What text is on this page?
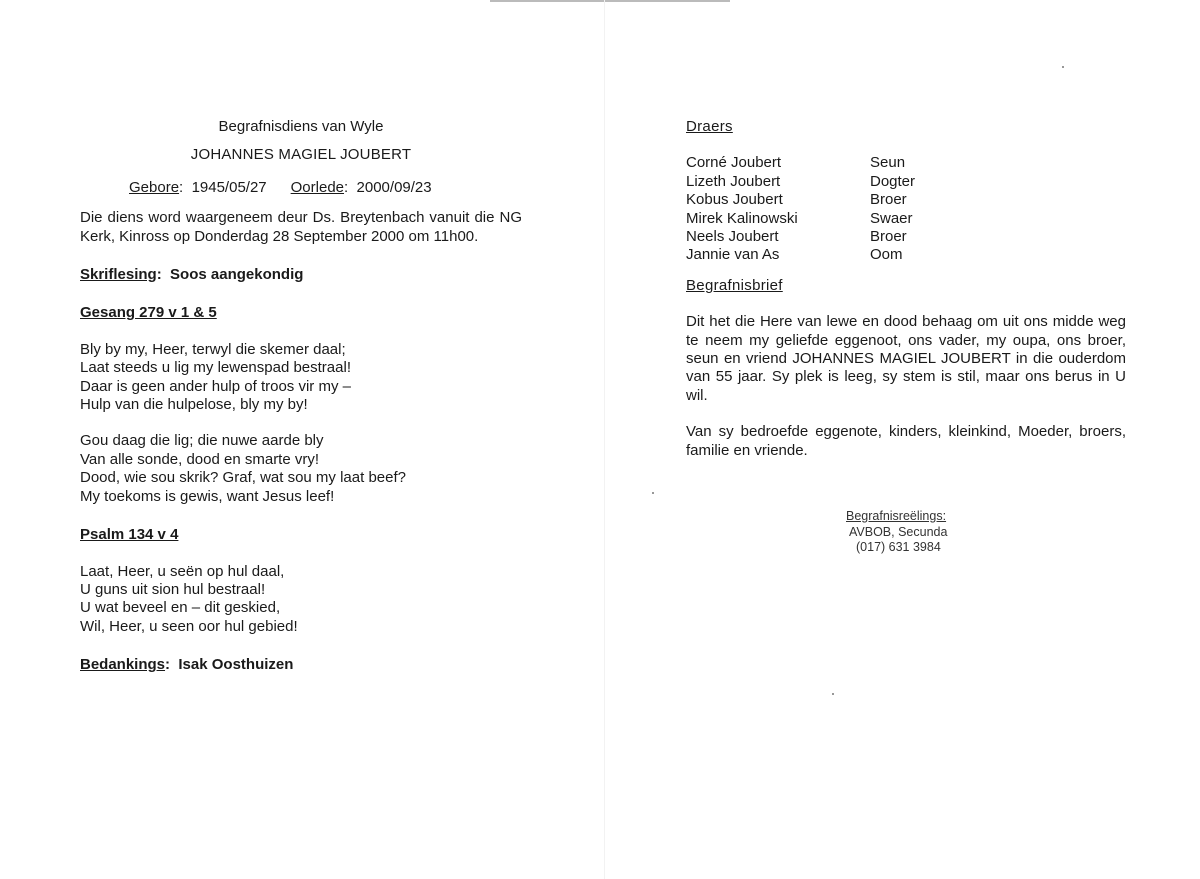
Begrafnisdiens van Wyle
JOHANNES MAGIEL JOUBERT
Gebore:  1945/05/27 Oorlede:  2000/09/23
Die diens word waargeneem deur Ds. Breytenbach vanuit die NG Kerk, Kinross op Donderdag 28 September 2000 om 11h00.
Skriflesing:  Soos aangekondig
Gesang 279 v 1 & 5
Bly by my, Heer, terwyl die skemer daal;
Laat steeds u lig my lewenspad bestraal!
Daar is geen ander hulp of troos vir my –
Hulp van die hulpelose, bly my by!
Gou daag die lig; die nuwe aarde bly
Van alle sonde, dood en smarte vry!
Dood, wie sou skrik? Graf, wat sou my laat beef?
My toekoms is gewis, want Jesus leef!
Psalm 134 v 4
Laat, Heer, u seën op hul daal,
U guns uit sion hul bestraal!
U wat beveel en – dit geskied,
Wil, Heer, u seen oor hul gebied!
Bedankings:  Isak Oosthuizen
Draers
Corné Joubert	Seun
Lizeth Joubert	Dogter
Kobus Joubert	Broer
Mirek Kalinowski	Swaer
Neels Joubert	Broer
Jannie van As	Oom
Begrafnisbrief
Dit het die Here van lewe en dood behaag om uit ons midde weg te neem my geliefde eggenoot, ons vader, my oupa, ons broer, seun en vriend JOHANNES MAGIEL JOUBERT in die ouderdom van 55 jaar. Sy plek is leeg, sy stem is stil, maar ons berus in U wil.
Van sy bedroefde eggenote, kinders, kleinkind, Moeder, broers, familie en vriende.
Begrafnisreëlings:
AVBOB, Secunda
(017) 631 3984
